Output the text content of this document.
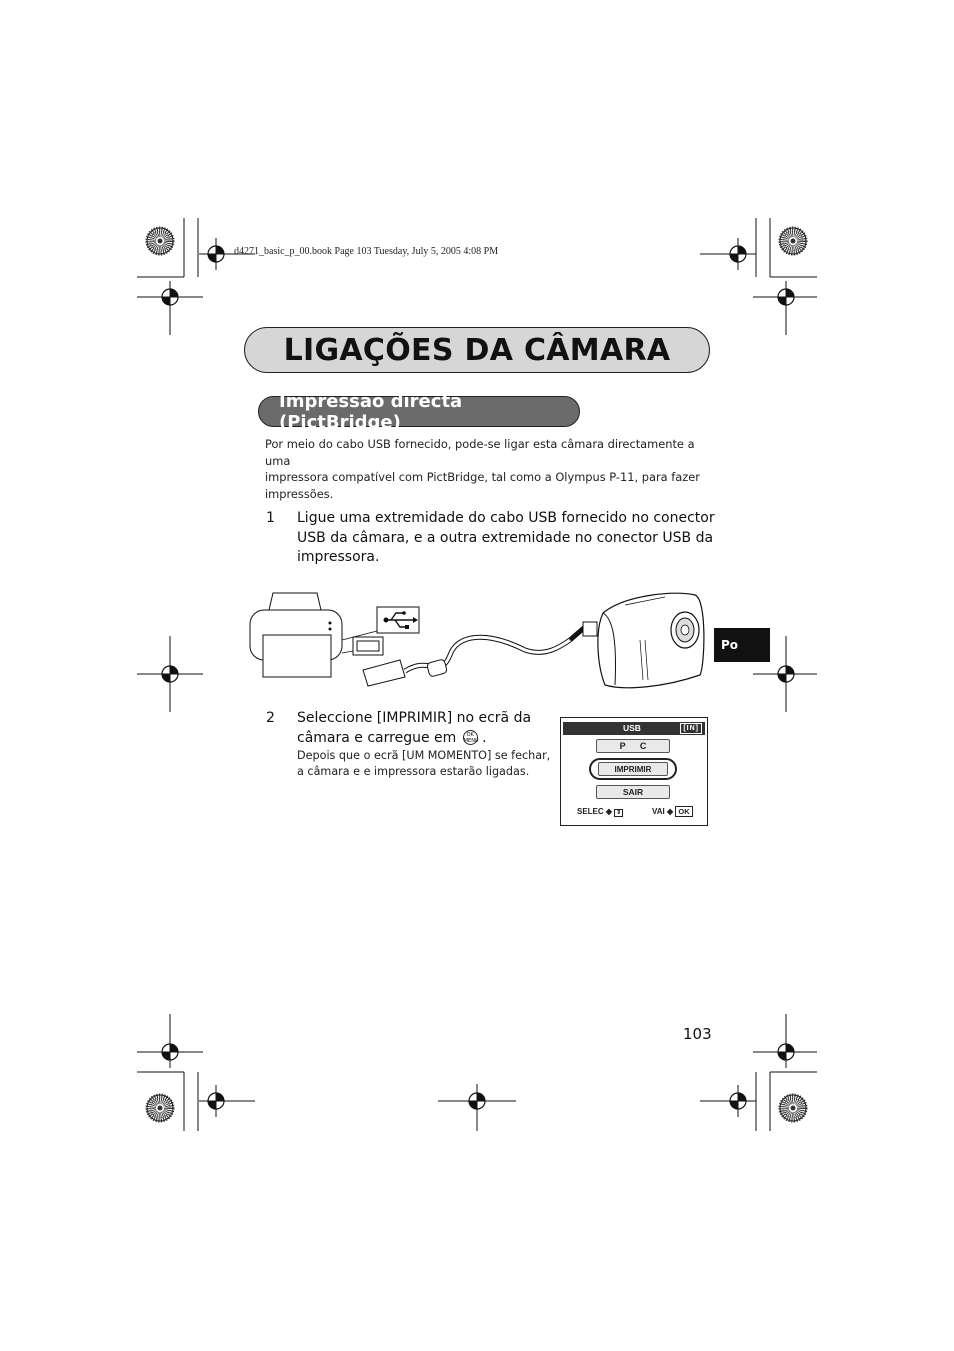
d4271_basic_p_00.book Page 103 Tuesday, July 5, 2005 4:08 PM
LIGAÇÕES DA CÂMARA
Impressão directa (PictBridge)
Por meio do cabo USB fornecido, pode-se ligar esta câmara directamente a uma
impressora compatível com PictBridge, tal como a Olympus P-11, para fazer
impressões.
1 Ligue uma extremidade do cabo USB fornecido no conector
USB da câmara, e a outra extremidade no conector USB da
impressora.
Po
2 Seleccione [IMPRIMIR] no ecrã da
câmara e carregue em OK
MENU .
Depois que o ecrã [UM MOMENTO] se fechar,
a câmara e e impressora estarão ligadas.
USB	[IN]
P C
IMPRIMIR
SAIR
SELEC ◆ ⇕	VAI ◆ OK
103
